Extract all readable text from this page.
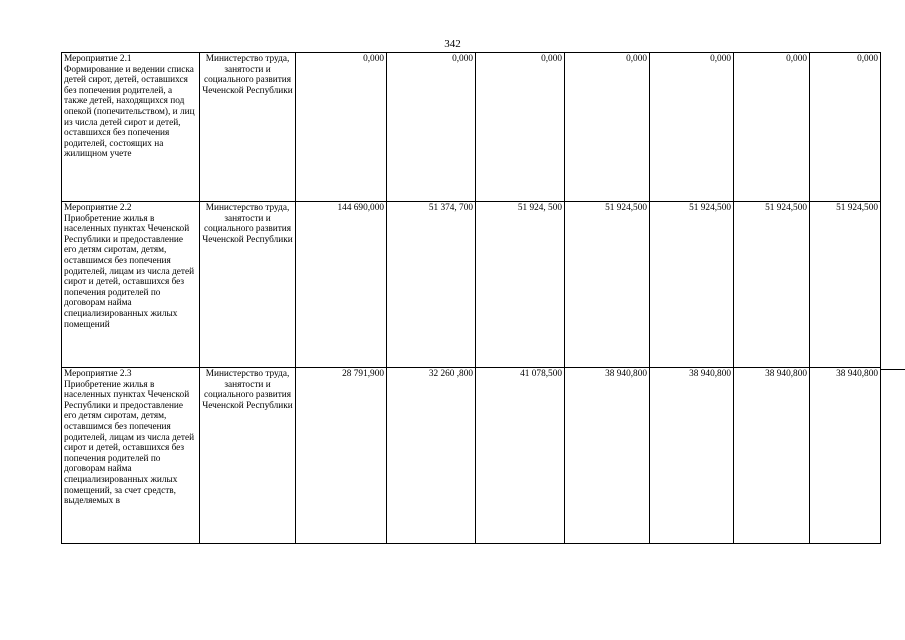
342
Мероприятие 2.1
Формирование и ведении списка детей сирот, детей, оставшихся без попечения родителей, а также детей, находящихся под опекой (попечительством), и лиц из числа детей сирот и детей, оставшихся без попечения родителей, состоящих на жилищном учете	Министерство труда, занятости и социального развития Чеченской Республики	0,000	0,000	0,000	0,000	0,000	0,000	0,000

Мероприятие 2.2
Приобретение жилья в населенных пунктах Чеченской Республики и предоставление его детям сиротам, детям, оставшимся без попечения родителей, лицам из числа детей сирот и детей, оставшихся без попечения родителей по договорам найма специализированных жилых помещений	Министерство труда, занятости и социального развития Чеченской Республики	144 690,000	51 374, 700	51 924, 500	51 924,500	51 924,500	51 924,500	51 924,500

Мероприятие 2.3
Приобретение жилья в населенных пунктах Чеченской Республики и предоставление его детям сиротам, детям, оставшимся без попечения родителей, лицам из числа детей сирот и детей, оставшихся без попечения родителей по договорам найма специализированных жилых помещений, за счет средств, выделяемых в	Министерство труда, занятости и социального развития Чеченской Республики	28 791,900	32 260 ,800	41 078,500	38 940,800	38 940,800	38 940,800	38 940,800
